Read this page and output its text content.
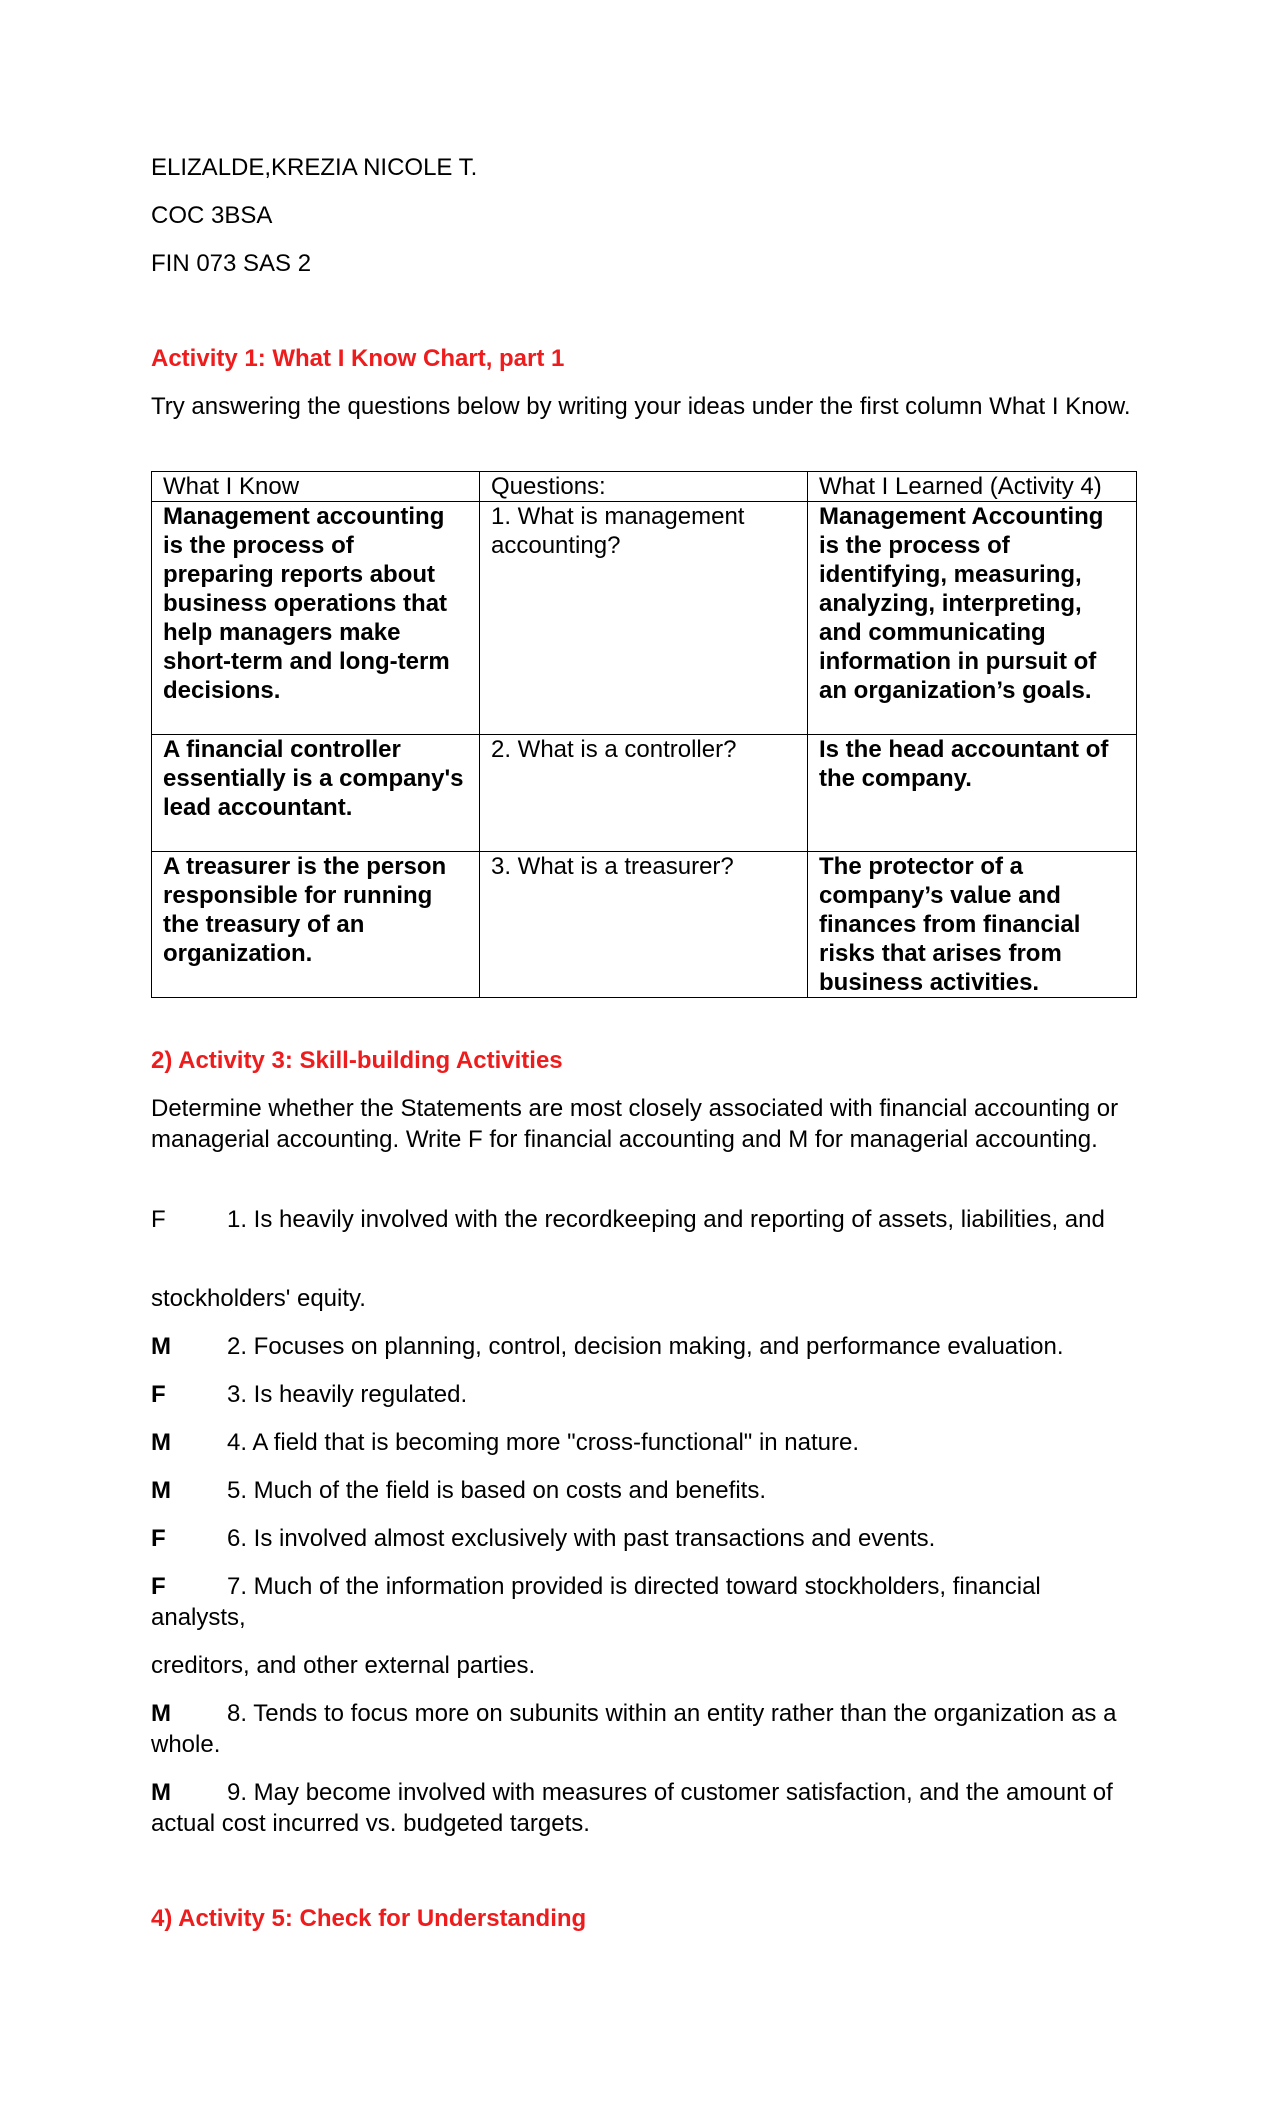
ELIZALDE,KREZIA NICOLE T.

COC 3BSA

FIN 073 SAS 2

Activity 1: What I Know Chart, part 1

Try answering the questions below by writing your ideas under the first column What I Know.

What I Know	Questions:	What I Learned (Activity 4)
Management accounting is the process of preparing reports about business operations that help managers make short-term and long-term decisions.	1. What is management accounting?	Management Accounting is the process of identifying, measuring, analyzing, interpreting, and communicating information in pursuit of an organization’s goals.
A financial controller essentially is a company's lead accountant.	2. What is a controller?	Is the head accountant of the company.
A treasurer is the person responsible for running the treasury of an organization.	3. What is a treasurer?	The protector of a company’s value and finances from financial risks that arises from business activities.

2) Activity 3: Skill-building Activities

Determine whether the Statements are most closely associated with financial accounting or managerial accounting. Write F for financial accounting and M for managerial accounting.

F	1. Is heavily involved with the recordkeeping and reporting of assets, liabilities, and

stockholders' equity.

M 2. Focuses on planning, control, decision making, and performance evaluation.

F	3. Is heavily regulated.

M 4. A field that is becoming more "cross-functional" in nature.

M 5. Much of the field is based on costs and benefits.

F	6. Is involved almost exclusively with past transactions and events.

F	7. Much of the information provided is directed toward stockholders, financial analysts,

creditors, and other external parties.

M 8. Tends to focus more on subunits within an entity rather than the organization as a whole.

M 9. May become involved with measures of customer satisfaction, and the amount of actual cost incurred vs. budgeted targets.

4) Activity 5: Check for Understanding
